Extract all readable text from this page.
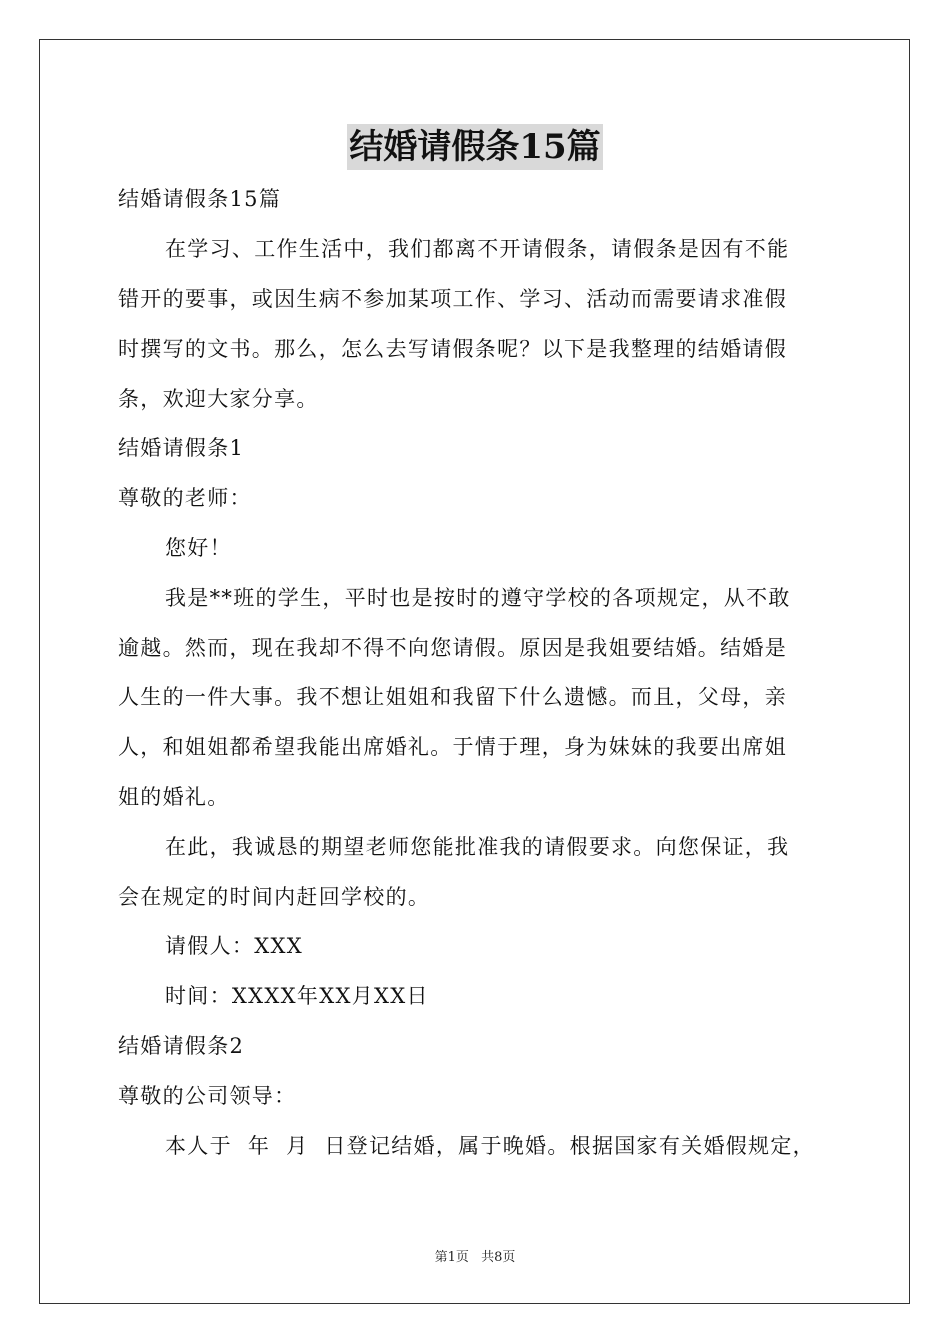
结婚请假条15篇
结婚请假条15篇
在学习、工作生活中，我们都离不开请假条，请假条是因有不能
错开的要事，或因生病不参加某项工作、学习、活动而需要请求准假
时撰写的文书。那么，怎么去写请假条呢？以下是我整理的结婚请假
条，欢迎大家分享。
结婚请假条1
尊敬的老师：
您好！
我是**班的学生，平时也是按时的遵守学校的各项规定，从不敢
逾越。然而，现在我却不得不向您请假。原因是我姐要结婚。结婚是
人生的一件大事。我不想让姐姐和我留下什么遗憾。而且，父母，亲
人，和姐姐都希望我能出席婚礼。于情于理，身为妹妹的我要出席姐
姐的婚礼。
在此，我诚恳的期望老师您能批准我的请假要求。向您保证，我
会在规定的时间内赶回学校的。
请假人：XXX
时间：XXXX年XX月XX日
结婚请假条2
尊敬的公司领导：
本人于  年  月  日登记结婚，属于晚婚。根据国家有关婚假规定，
第1页 共8页
